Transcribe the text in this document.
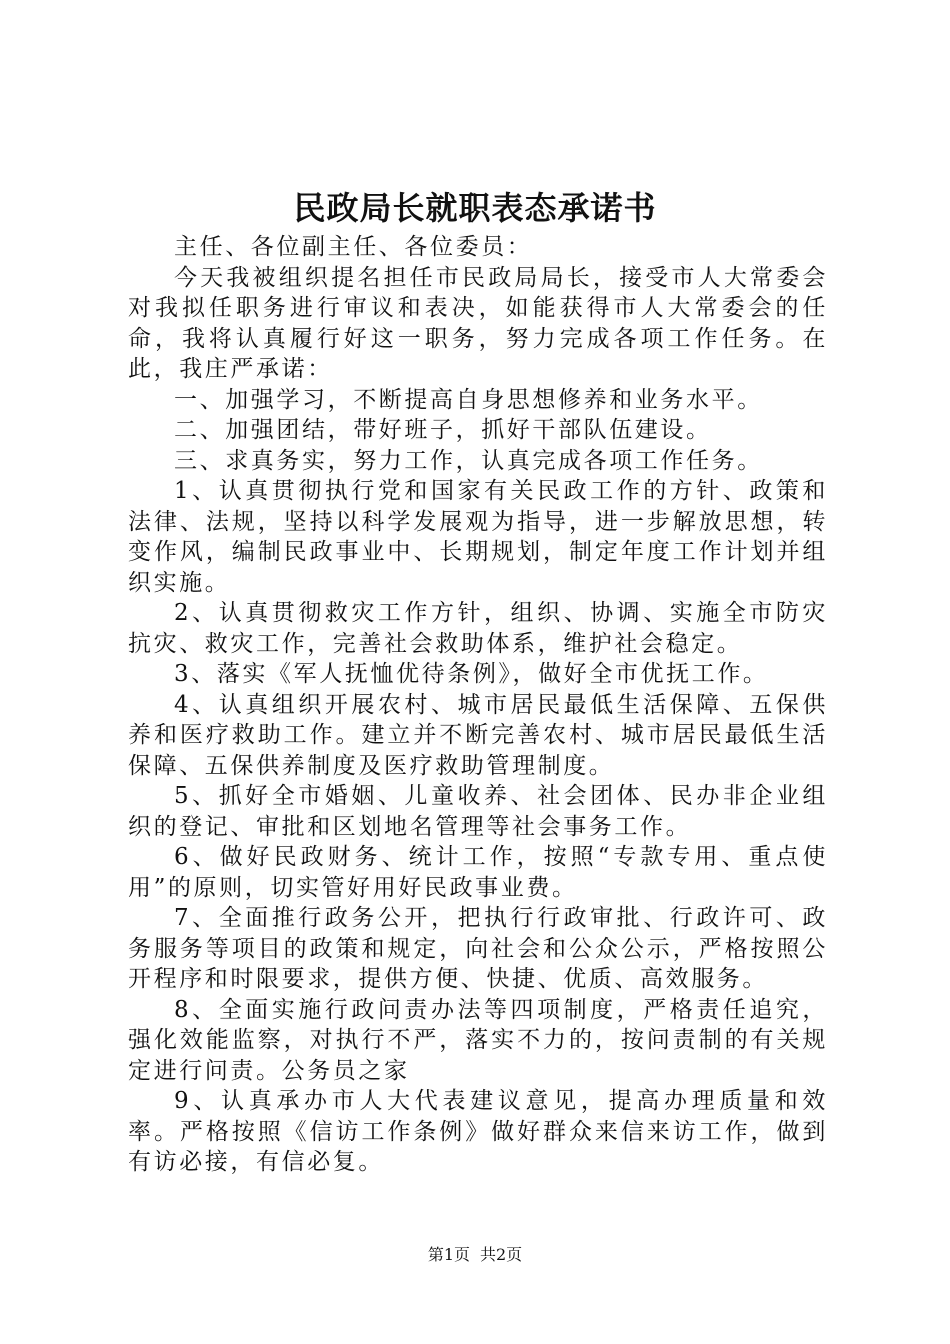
民政局长就职表态承诺书

主任、各位副主任、各位委员：

今天我被组织提名担任市民政局局长，接受市人大常委会对我拟任职务进行审议和表决，如能获得市人大常委会的任命，我将认真履行好这一职务，努力完成各项工作任务。在此，我庄严承诺：

一、加强学习，不断提高自身思想修养和业务水平。

二、加强团结，带好班子，抓好干部队伍建设。

三、求真务实，努力工作，认真完成各项工作任务。

1、认真贯彻执行党和国家有关民政工作的方针、政策和法律、法规，坚持以科学发展观为指导，进一步解放思想，转变作风，编制民政事业中、长期规划，制定年度工作计划并组织实施。

2、认真贯彻救灾工作方针，组织、协调、实施全市防灾抗灾、救灾工作，完善社会救助体系，维护社会稳定。

3、落实《军人抚恤优待条例》，做好全市优抚工作。

4、认真组织开展农村、城市居民最低生活保障、五保供养和医疗救助工作。建立并不断完善农村、城市居民最低生活保障、五保供养制度及医疗救助管理制度。

5、抓好全市婚姻、儿童收养、社会团体、民办非企业组织的登记、审批和区划地名管理等社会事务工作。

6、做好民政财务、统计工作，按照“专款专用、重点使用”的原则，切实管好用好民政事业费。

7、全面推行政务公开，把执行行政审批、行政许可、政务服务等项目的政策和规定，向社会和公众公示，严格按照公开程序和时限要求，提供方便、快捷、优质、高效服务。

8、全面实施行政问责办法等四项制度，严格责任追究，强化效能监察，对执行不严，落实不力的，按问责制的有关规定进行问责。公务员之家

9、认真承办市人大代表建议意见，提高办理质量和效率。严格按照《信访工作条例》做好群众来信来访工作，做到有访必接，有信必复。

第1页 共2页
